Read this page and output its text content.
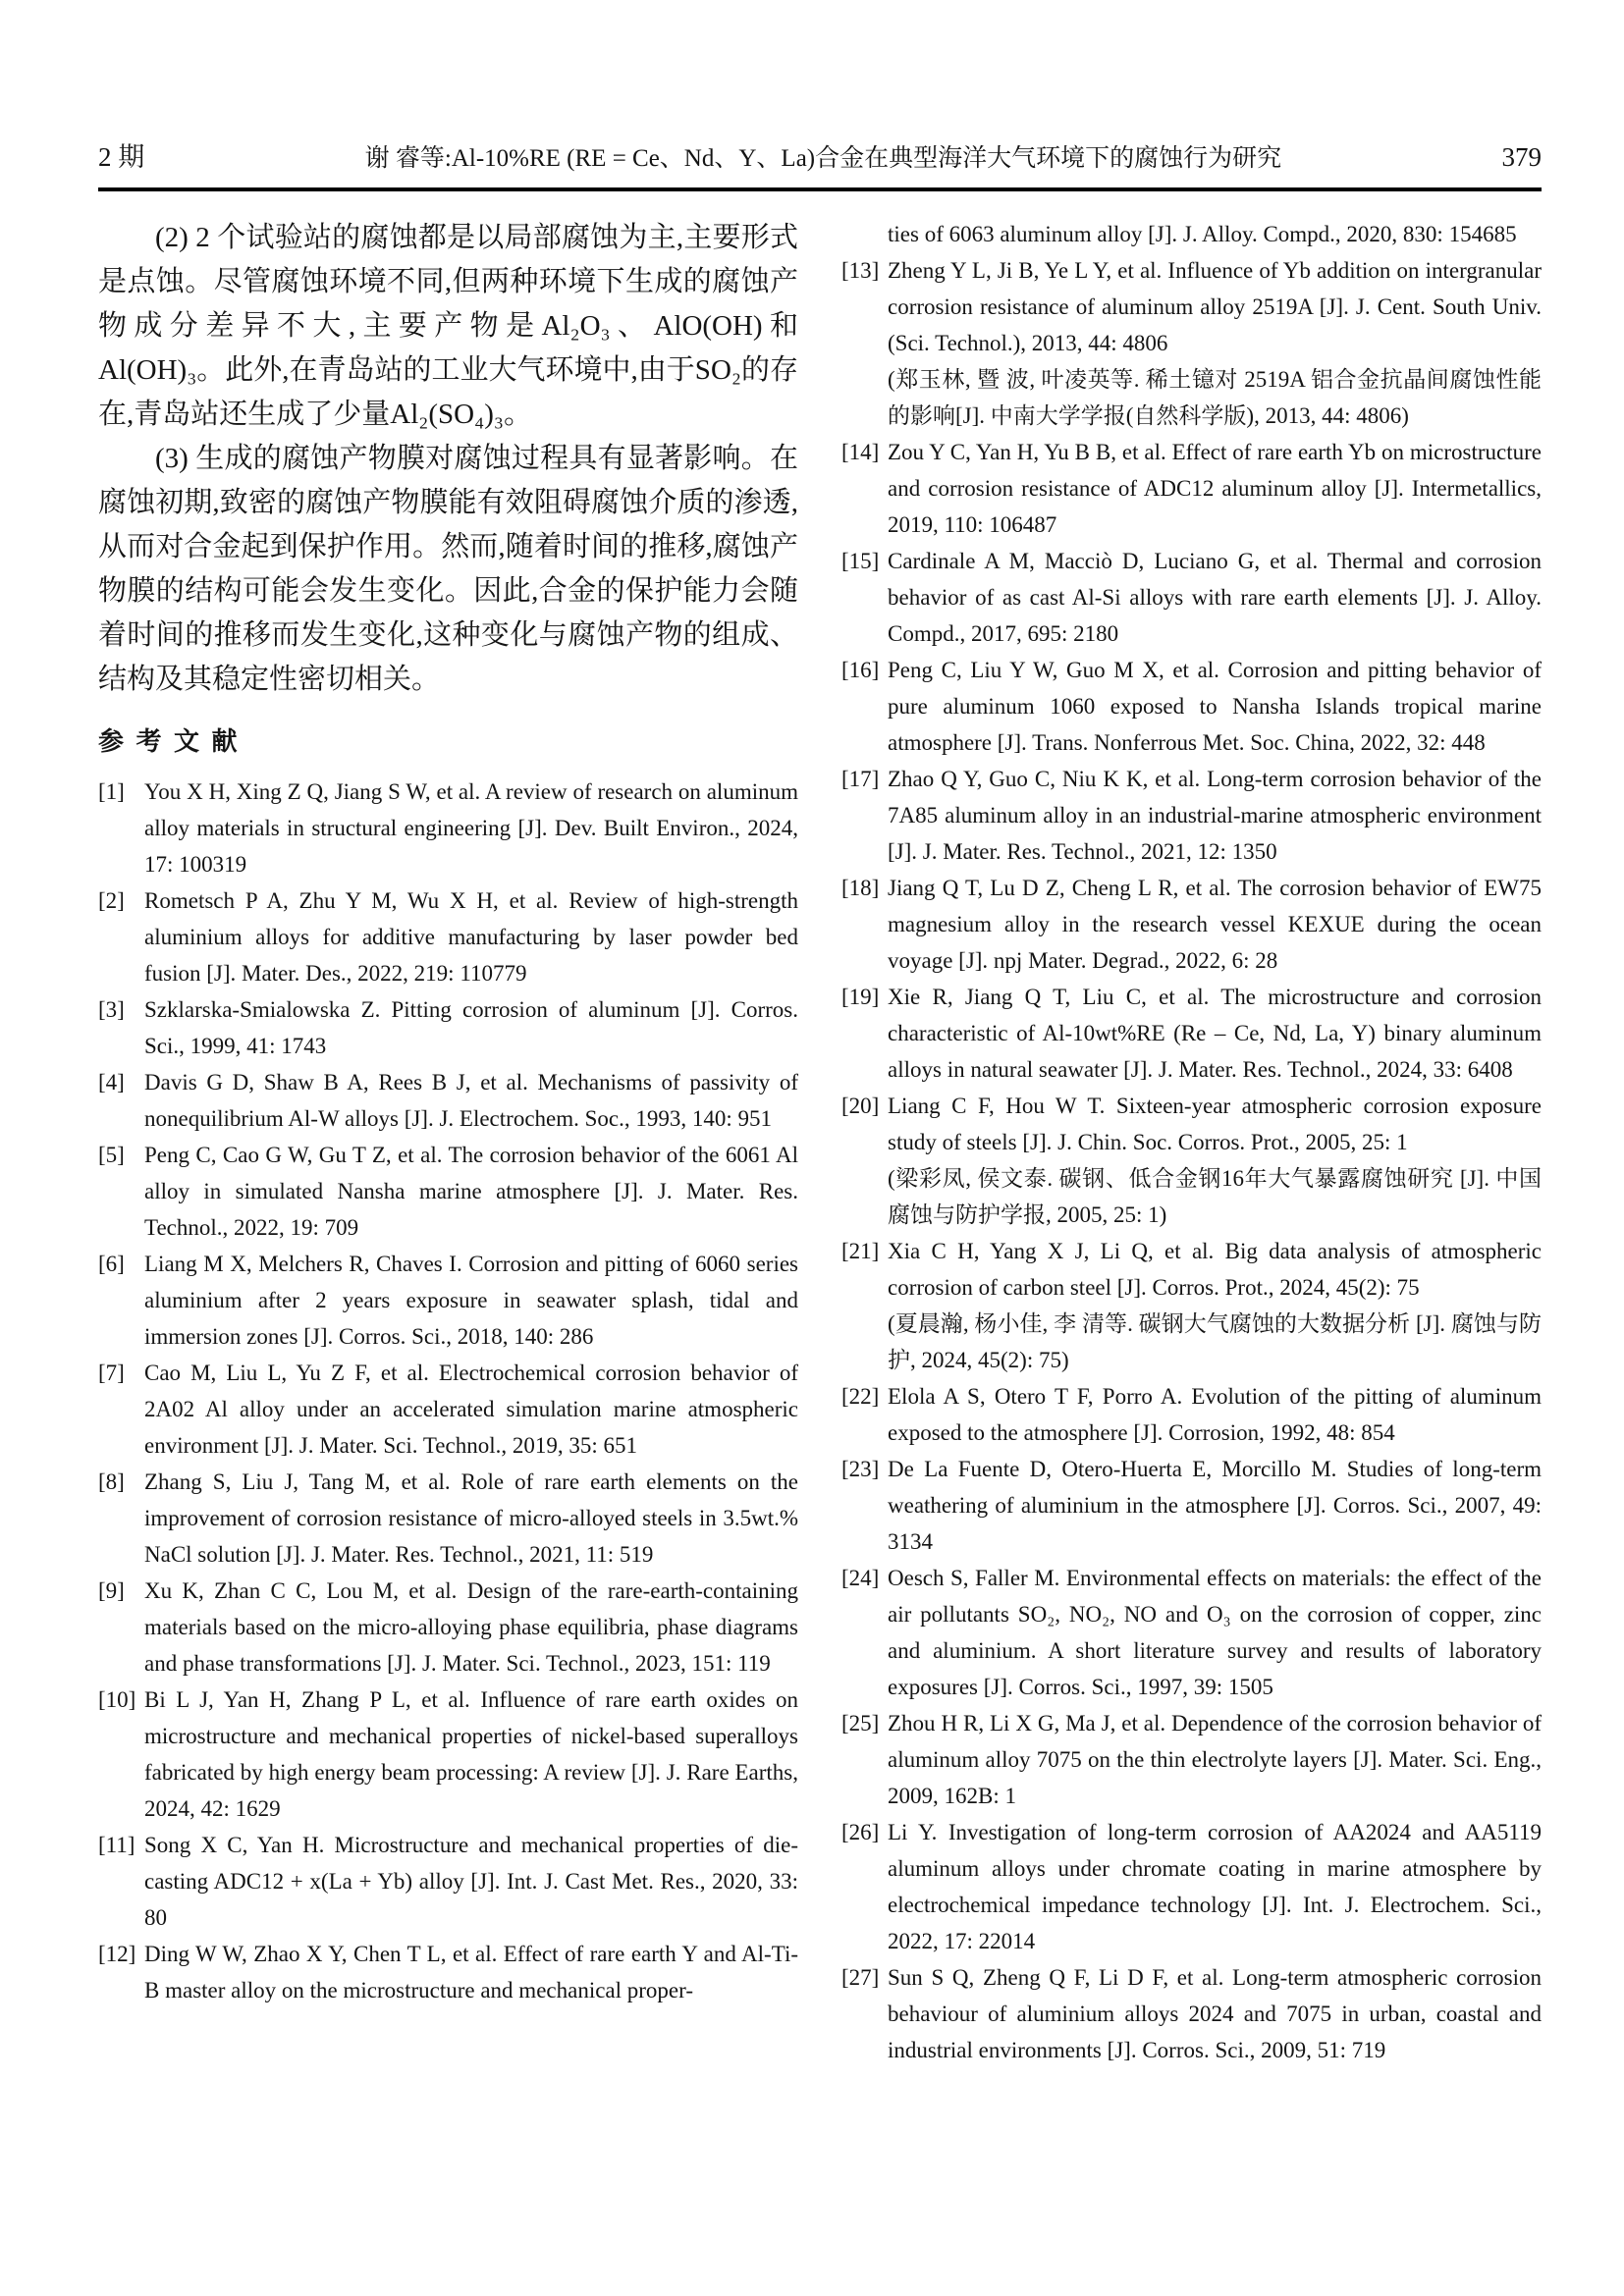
2 期	谢 睿等:Al-10%RE (RE = Ce、Nd、Y、La)合金在典型海洋大气环境下的腐蚀行为研究	379

(2) 2 个试验站的腐蚀都是以局部腐蚀为主,主要形式是点蚀。尽管腐蚀环境不同,但两种环境下生成的腐蚀产物成分差异不大,主要产物是Al₂O₃、AlO(OH)和Al(OH)₃。此外,在青岛站的工业大气环境中,由于SO₂的存在,青岛站还生成了少量Al₂(SO₄)₃。

(3) 生成的腐蚀产物膜对腐蚀过程具有显著影响。在腐蚀初期,致密的腐蚀产物膜能有效阻碍腐蚀介质的渗透,从而对合金起到保护作用。然而,随着时间的推移,腐蚀产物膜的结构可能会发生变化。因此,合金的保护能力会随着时间的推移而发生变化,这种变化与腐蚀产物的组成、结构及其稳定性密切相关。

参 考 文 献

[1] You X H, Xing Z Q, Jiang S W, et al. A review of research on aluminum alloy materials in structural engineering [J]. Dev. Built Environ., 2024, 17: 100319

[2] Rometsch P A, Zhu Y M, Wu X H, et al. Review of high-strength aluminium alloys for additive manufacturing by laser powder bed fusion [J]. Mater. Des., 2022, 219: 110779

[3] Szklarska-Smialowska Z. Pitting corrosion of aluminum [J]. Corros. Sci., 1999, 41: 1743

[4] Davis G D, Shaw B A, Rees B J, et al. Mechanisms of passivity of nonequilibrium Al-W alloys [J]. J. Electrochem. Soc., 1993, 140: 951

[5] Peng C, Cao G W, Gu T Z, et al. The corrosion behavior of the 6061 Al alloy in simulated Nansha marine atmosphere [J]. J. Mater. Res. Technol., 2022, 19: 709

[6] Liang M X, Melchers R, Chaves I. Corrosion and pitting of 6060 series aluminium after 2 years exposure in seawater splash, tidal and immersion zones [J]. Corros. Sci., 2018, 140: 286

[7] Cao M, Liu L, Yu Z F, et al. Electrochemical corrosion behavior of 2A02 Al alloy under an accelerated simulation marine atmospheric environment [J]. J. Mater. Sci. Technol., 2019, 35: 651

[8] Zhang S, Liu J, Tang M, et al. Role of rare earth elements on the improvement of corrosion resistance of micro-alloyed steels in 3.5wt.% NaCl solution [J]. J. Mater. Res. Technol., 2021, 11: 519

[9] Xu K, Zhan C C, Lou M, et al. Design of the rare-earth-containing materials based on the micro-alloying phase equilibria, phase diagrams and phase transformations [J]. J. Mater. Sci. Technol., 2023, 151: 119

[10] Bi L J, Yan H, Zhang P L, et al. Influence of rare earth oxides on microstructure and mechanical properties of nickel-based superalloys fabricated by high energy beam processing: A review [J]. J. Rare Earths, 2024, 42: 1629

[11] Song X C, Yan H. Microstructure and mechanical properties of die-casting ADC12 + x(La + Yb) alloy [J]. Int. J. Cast Met. Res., 2020, 33: 80

[12] Ding W W, Zhao X Y, Chen T L, et al. Effect of rare earth Y and Al-Ti-B master alloy on the microstructure and mechanical proper-

ties of 6063 aluminum alloy [J]. J. Alloy. Compd., 2020, 830: 154685

[13] Zheng Y L, Ji B, Ye L Y, et al. Influence of Yb addition on intergranular corrosion resistance of aluminum alloy 2519A [J]. J. Cent. South Univ. (Sci. Technol.), 2013, 44: 4806
(郑玉林, 暨 波, 叶凌英等. 稀土镱对 2519A 铝合金抗晶间腐蚀性能的影响[J]. 中南大学学报(自然科学版), 2013, 44: 4806)

[14] Zou Y C, Yan H, Yu B B, et al. Effect of rare earth Yb on microstructure and corrosion resistance of ADC12 aluminum alloy [J]. Intermetallics, 2019, 110: 106487

[15] Cardinale A M, Macciò D, Luciano G, et al. Thermal and corrosion behavior of as cast Al-Si alloys with rare earth elements [J]. J. Alloy. Compd., 2017, 695: 2180

[16] Peng C, Liu Y W, Guo M X, et al. Corrosion and pitting behavior of pure aluminum 1060 exposed to Nansha Islands tropical marine atmosphere [J]. Trans. Nonferrous Met. Soc. China, 2022, 32: 448

[17] Zhao Q Y, Guo C, Niu K K, et al. Long-term corrosion behavior of the 7A85 aluminum alloy in an industrial-marine atmospheric environment [J]. J. Mater. Res. Technol., 2021, 12: 1350

[18] Jiang Q T, Lu D Z, Cheng L R, et al. The corrosion behavior of EW75 magnesium alloy in the research vessel KEXUE during the ocean voyage [J]. npj Mater. Degrad., 2022, 6: 28

[19] Xie R, Jiang Q T, Liu C, et al. The microstructure and corrosion characteristic of Al-10wt%RE (Re – Ce, Nd, La, Y) binary aluminum alloys in natural seawater [J]. J. Mater. Res. Technol., 2024, 33: 6408

[20] Liang C F, Hou W T. Sixteen-year atmospheric corrosion exposure study of steels [J]. J. Chin. Soc. Corros. Prot., 2005, 25: 1
(梁彩凤, 侯文泰. 碳钢、低合金钢16年大气暴露腐蚀研究 [J]. 中国腐蚀与防护学报, 2005, 25: 1)

[21] Xia C H, Yang X J, Li Q, et al. Big data analysis of atmospheric corrosion of carbon steel [J]. Corros. Prot., 2024, 45(2): 75
(夏晨瀚, 杨小佳, 李 清等. 碳钢大气腐蚀的大数据分析 [J]. 腐蚀与防护, 2024, 45(2): 75)

[22] Elola A S, Otero T F, Porro A. Evolution of the pitting of aluminum exposed to the atmosphere [J]. Corrosion, 1992, 48: 854

[23] De La Fuente D, Otero-Huerta E, Morcillo M. Studies of long-term weathering of aluminium in the atmosphere [J]. Corros. Sci., 2007, 49: 3134

[24] Oesch S, Faller M. Environmental effects on materials: the effect of the air pollutants SO₂, NO₂, NO and O₃ on the corrosion of copper, zinc and aluminium. A short literature survey and results of laboratory exposures [J]. Corros. Sci., 1997, 39: 1505

[25] Zhou H R, Li X G, Ma J, et al. Dependence of the corrosion behavior of aluminum alloy 7075 on the thin electrolyte layers [J]. Mater. Sci. Eng., 2009, 162B: 1

[26] Li Y. Investigation of long-term corrosion of AA2024 and AA5119 aluminum alloys under chromate coating in marine atmosphere by electrochemical impedance technology [J]. Int. J. Electrochem. Sci., 2022, 17: 22014

[27] Sun S Q, Zheng Q F, Li D F, et al. Long-term atmospheric corrosion behaviour of aluminium alloys 2024 and 7075 in urban, coastal and industrial environments [J]. Corros. Sci., 2009, 51: 719
